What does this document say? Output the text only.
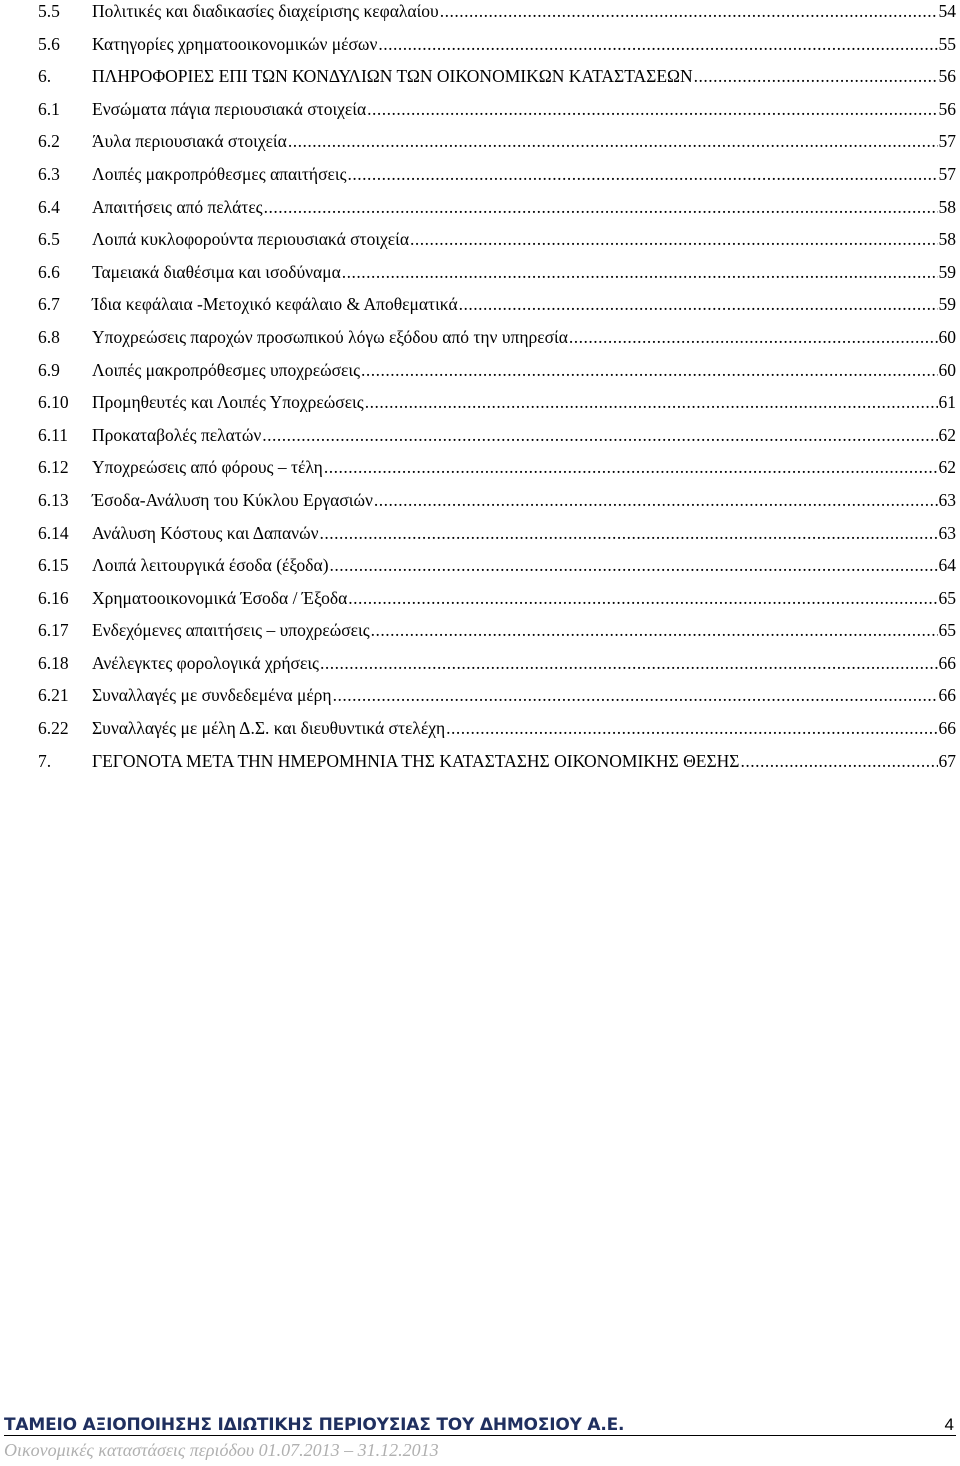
5.5	Πολιτικές και διαδικασίες διαχείρισης κεφαλαίου .....	54
5.6	Κατηγορίες χρηματοοικονομικών μέσων .....	55
6.	ΠΛΗΡΟΦΟΡΙΕΣ ΕΠΙ ΤΩΝ ΚΟΝΔΥΛΙΩΝ ΤΩΝ ΟΙΚΟΝΟΜΙΚΩΝ ΚΑΤΑΣΤΑΣΕΩΝ .....	56
6.1	Ενσώματα πάγια περιουσιακά στοιχεία .....	56
6.2	Άυλα περιουσιακά στοιχεία .....	57
6.3	Λοιπές μακροπρόθεσμες απαιτήσεις .....	57
6.4	Απαιτήσεις από πελάτες .....	58
6.5	Λοιπά κυκλοφορούντα περιουσιακά στοιχεία .....	58
6.6	Ταμειακά διαθέσιμα και ισοδύναμα .....	59
6.7	Ίδια κεφάλαια -Μετοχικό κεφάλαιο & Αποθεματικά .....	59
6.8	Υποχρεώσεις παροχών προσωπικού λόγω εξόδου από την υπηρεσία .....	60
6.9	Λοιπές μακροπρόθεσμες υποχρεώσεις .....	60
6.10	Προμηθευτές και Λοιπές Υποχρεώσεις .....	61
6.11	Προκαταβολές πελατών .....	62
6.12	Υποχρεώσεις από φόρους – τέλη .....	62
6.13	Έσοδα-Ανάλυση του Κύκλου Εργασιών .....	63
6.14	Ανάλυση Κόστους και Δαπανών .....	63
6.15	Λοιπά λειτουργικά έσοδα (έξοδα) .....	64
6.16	Χρηματοοικονομικά Έσοδα / Έξοδα .....	65
6.17	Ενδεχόμενες απαιτήσεις – υποχρεώσεις .....	65
6.18	Ανέλεγκτες φορολογικά χρήσεις .....	66
6.21	Συναλλαγές με συνδεδεμένα μέρη .....	66
6.22	Συναλλαγές με μέλη Δ.Σ. και διευθυντικά στελέχη .....	66
7.	ΓΕΓΟΝΟΤΑ ΜΕΤΑ ΤΗΝ ΗΜΕΡΟΜΗΝΙΑ ΤΗΣ ΚΑΤΑΣΤΑΣΗΣ ΟΙΚΟΝΟΜΙΚΗΣ ΘΕΣΗΣ .....	67
ΤΑΜΕΙΟ ΑΞΙΟΠΟΙΗΣΗΣ ΙΔΙΩΤΙΚΗΣ ΠΕΡΙΟΥΣΙΑΣ ΤΟΥ ΔΗΜΟΣΙΟΥ Α.Ε.	4
Οικονομικές καταστάσεις περιόδου 01.07.2013 – 31.12.2013
